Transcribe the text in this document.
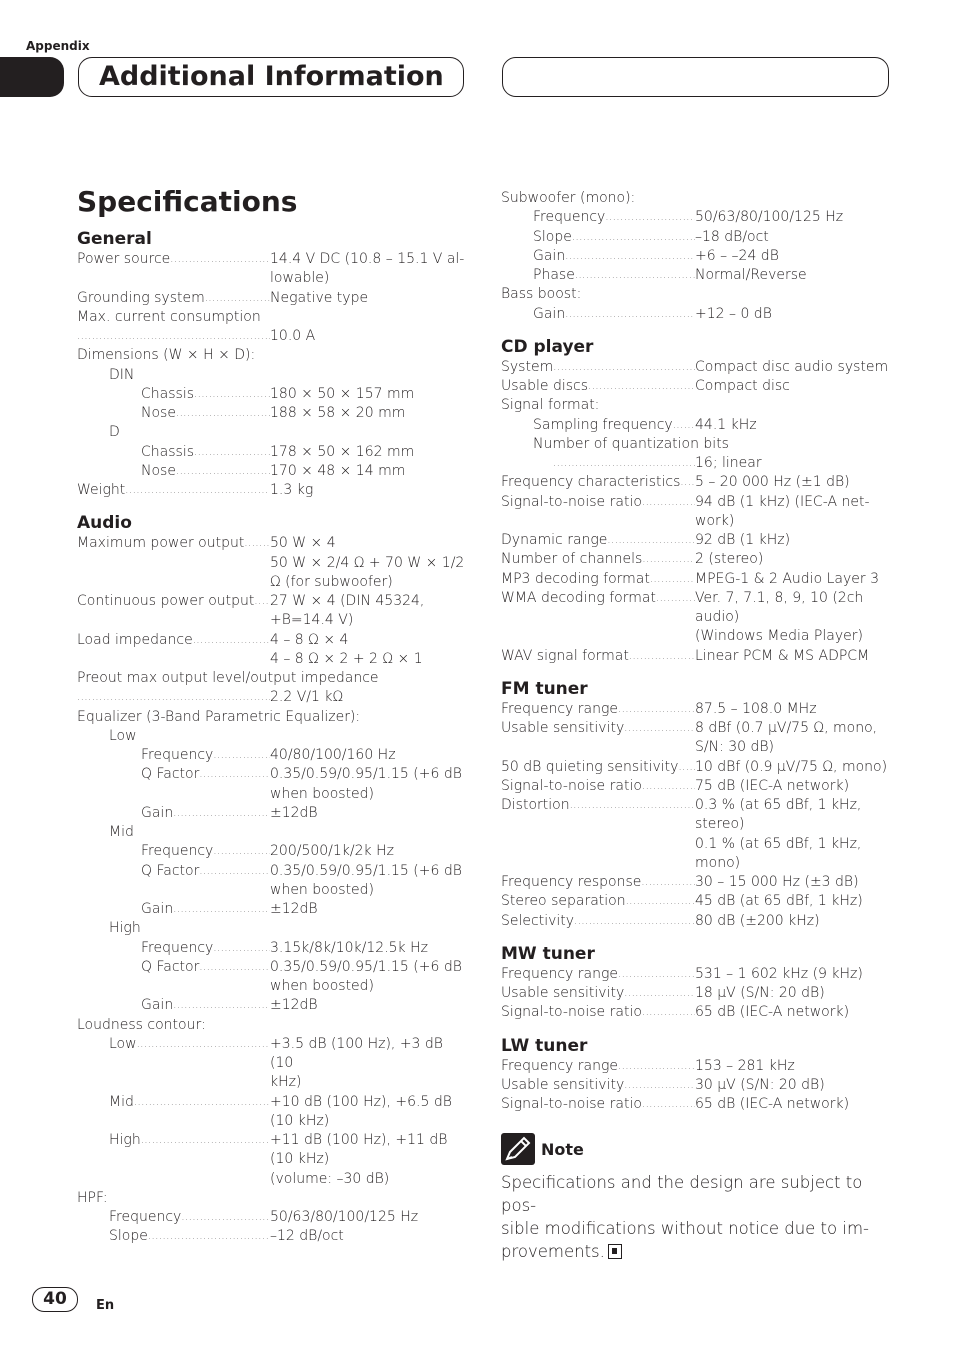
Appendix
Additional Information
Specifications
General
Power source .....	14.4 V DC (10.8 – 15.1 V al-
lowable)
Grounding system .....	Negative type
Max. current consumption
.....
10.0 A
Dimensions (W × H × D):
DIN
Chassis .....	180 × 50 × 157 mm
Nose .....	188 × 58 × 20 mm
D
Chassis .....	178 × 50 × 162 mm
Nose .....	170 × 48 × 14 mm
Weight .....	1.3 kg
Audio
Maximum power output ..... 50 W × 4
50 W × 2/4 Ω + 70 W × 1/2
Ω (for subwoofer)
Continuous power output ..... 27 W × 4 (DIN 45324,
+B=14.4 V)
Load impedance .....	4 – 8 Ω × 4
4 – 8 Ω × 2 + 2 Ω × 1
Preout max output level/output impedance
.....
2.2 V/1 kΩ
Equalizer (3-Band Parametric Equalizer):
Low
Frequency .....	40/80/100/160 Hz
Q Factor .....	0.35/0.59/0.95/1.15 (+6 dB
when boosted)
Gain .....	±12dB
Mid
Frequency .....	200/500/1k/2k Hz
Q Factor .....	0.35/0.59/0.95/1.15 (+6 dB
when boosted)
Gain .....	±12dB
High
Frequency .....	3.15k/8k/10k/12.5k Hz
Q Factor .....	0.35/0.59/0.95/1.15 (+6 dB
when boosted)
Gain .....	±12dB
Loudness contour:
Low .....	+3.5 dB (100 Hz), +3 dB (10
kHz)
Mid .....	+10 dB (100 Hz), +6.5 dB
(10 kHz)
High .....	+11 dB (100 Hz), +11 dB
(10 kHz)
(volume: –30 dB)
HPF:
Frequency .....	50/63/80/100/125 Hz
Slope .....	–12 dB/oct
Subwoofer (mono):
Frequency .....	50/63/80/100/125 Hz
Slope .....	–18 dB/oct
Gain .....	+6 – –24 dB
Phase .....	Normal/Reverse
Bass boost:
Gain .....	+12 – 0 dB
CD player
System .....	Compact disc audio system
Usable discs .....	Compact disc
Signal format:
Sampling frequency ..... 44.1 kHz
Number of quantization bits
.....
16; linear
Frequency characteristics ..... 5 – 20 000 Hz (±1 dB)
Signal-to-noise ratio .....	94 dB (1 kHz) (IEC-A net-
work)
Dynamic range .....	92 dB (1 kHz)
Number of channels .....	2 (stereo)
MP3 decoding format .....	MPEG-1 & 2 Audio Layer 3
WMA decoding format .....	Ver. 7, 7.1, 8, 9, 10 (2ch
audio)
(Windows Media Player)
WAV signal format .....	Linear PCM & MS ADPCM
FM tuner
Frequency range .....	87.5 – 108.0 MHz
Usable sensitivity .....	8 dBf (0.7 µV/75 Ω, mono,
S/N: 30 dB)
50 dB quieting sensitivity ..... 10 dBf (0.9 µV/75 Ω, mono)
Signal-to-noise ratio .....	75 dB (IEC-A network)
Distortion .....	0.3 % (at 65 dBf, 1 kHz,
stereo)
0.1 % (at 65 dBf, 1 kHz,
mono)
Frequency response .....	30 – 15 000 Hz (±3 dB)
Stereo separation .....	45 dB (at 65 dBf, 1 kHz)
Selectivity .....	80 dB (±200 kHz)
MW tuner
Frequency range .....	531 – 1 602 kHz (9 kHz)
Usable sensitivity .....	18 µV (S/N: 20 dB)
Signal-to-noise ratio .....	65 dB (IEC-A network)
LW tuner
Frequency range .....	153 – 281 kHz
Usable sensitivity .....	30 µV (S/N: 20 dB)
Signal-to-noise ratio .....	65 dB (IEC-A network)
Note
Specifications and the design are subject to pos-
sible modifications without notice due to im-
provements.
40	En
